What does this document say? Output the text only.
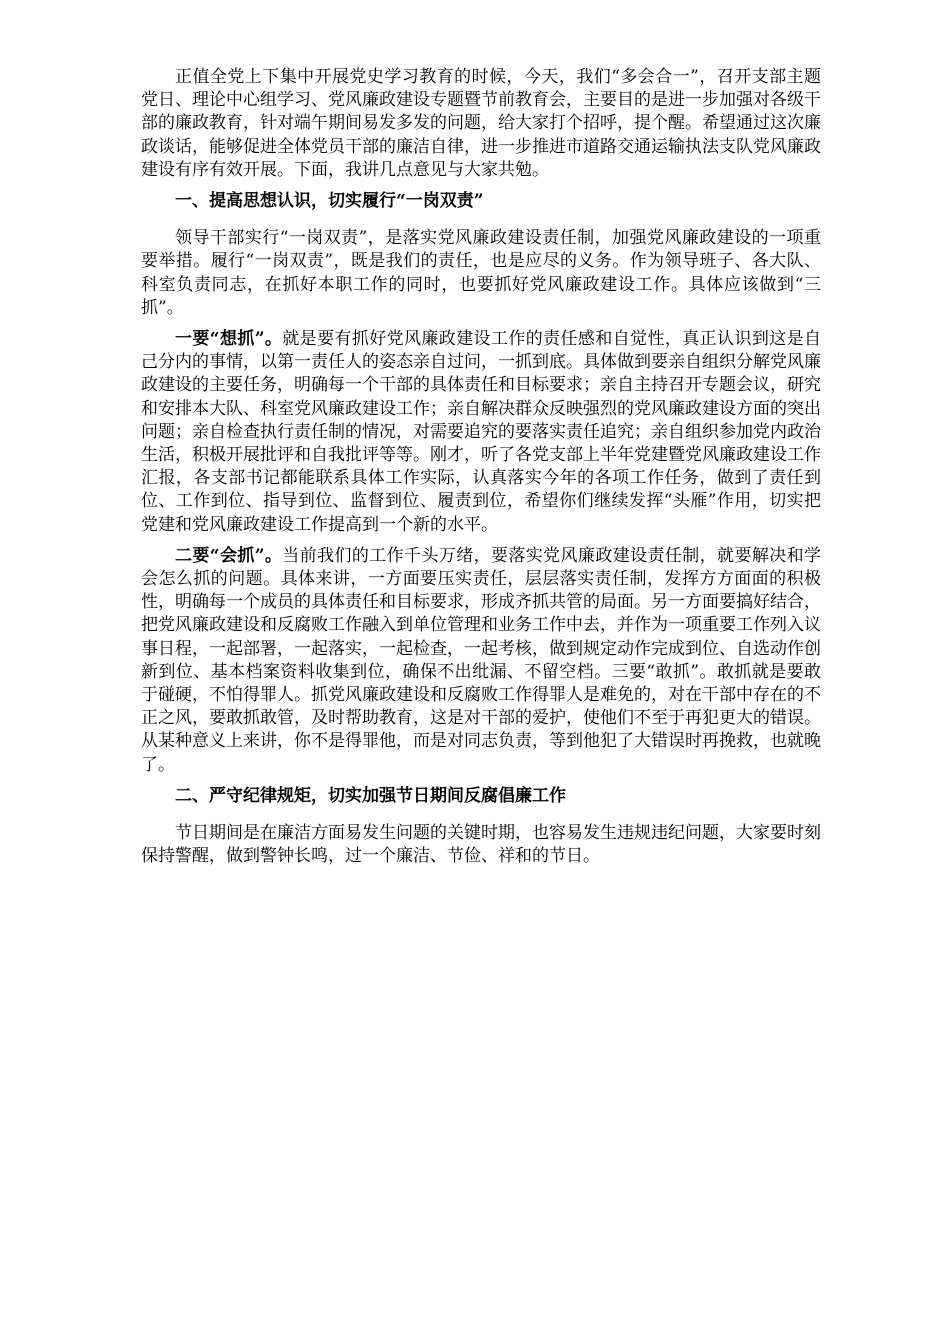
正值全党上下集中开展党史学习教育的时候，今天，我们“多会合一”，召开支部主题党日、理论中心组学习、党风廉政建设专题暨节前教育会，主要目的是进一步加强对各级干部的廉政教育，针对端午期间易发多发的问题，给大家打个招呼，提个醒。希望通过这次廉政谈话，能够促进全体党员干部的廉洁自律，进一步推进市道路交通运输执法支队党风廉政建设有序有效开展。下面，我讲几点意见与大家共勉。

一、提高思想认识，切实履行“一岗双责”

领导干部实行“一岗双责”，是落实党风廉政建设责任制，加强党风廉政建设的一项重要举措。履行“一岗双责”，既是我们的责任，也是应尽的义务。作为领导班子、各大队、科室负责同志，在抓好本职工作的同时，也要抓好党风廉政建设工作。具体应该做到“三抓”。

一要“想抓”。就是要有抓好党风廉政建设工作的责任感和自觉性，真正认识到这是自己分内的事情，以第一责任人的姿态亲自过问，一抓到底。具体做到要亲自组织分解党风廉政建设的主要任务，明确每一个干部的具体责任和目标要求；亲自主持召开专题会议，研究和安排本大队、科室党风廉政建设工作；亲自解决群众反映强烈的党风廉政建设方面的突出问题；亲自检查执行责任制的情况，对需要追究的要落实责任追究；亲自组织参加党内政治生活，积极开展批评和自我批评等等。刚才，听了各党支部上半年党建暨党风廉政建设工作汇报，各支部书记都能联系具体工作实际，认真落实今年的各项工作任务，做到了责任到位、工作到位、指导到位、监督到位、履责到位，希望你们继续发挥“头雁”作用，切实把党建和党风廉政建设工作提高到一个新的水平。

二要“会抓”。当前我们的工作千头万绪，要落实党风廉政建设责任制，就要解决和学会怎么抓的问题。具体来讲，一方面要压实责任，层层落实责任制，发挥方方面面的积极性，明确每一个成员的具体责任和目标要求，形成齐抓共管的局面。另一方面要搞好结合，把党风廉政建设和反腐败工作融入到单位管理和业务工作中去，并作为一项重要工作列入议事日程，一起部署，一起落实，一起检查，一起考核，做到规定动作完成到位、自选动作创新到位、基本档案资料收集到位，确保不出纰漏、不留空档。三要“敢抓”。敢抓就是要敢于碰硬，不怕得罪人。抓党风廉政建设和反腐败工作得罪人是难免的，对在干部中存在的不正之风，要敢抓敢管，及时帮助教育，这是对干部的爱护，使他们不至于再犯更大的错误。从某种意义上来讲，你不是得罪他，而是对同志负责，等到他犯了大错误时再挽救，也就晚了。

二、严守纪律规矩，切实加强节日期间反腐倡廉工作

节日期间是在廉洁方面易发生问题的关键时期，也容易发生违规违纪问题，大家要时刻保持警醒，做到警钟长鸣，过一个廉洁、节俭、祥和的节日。
